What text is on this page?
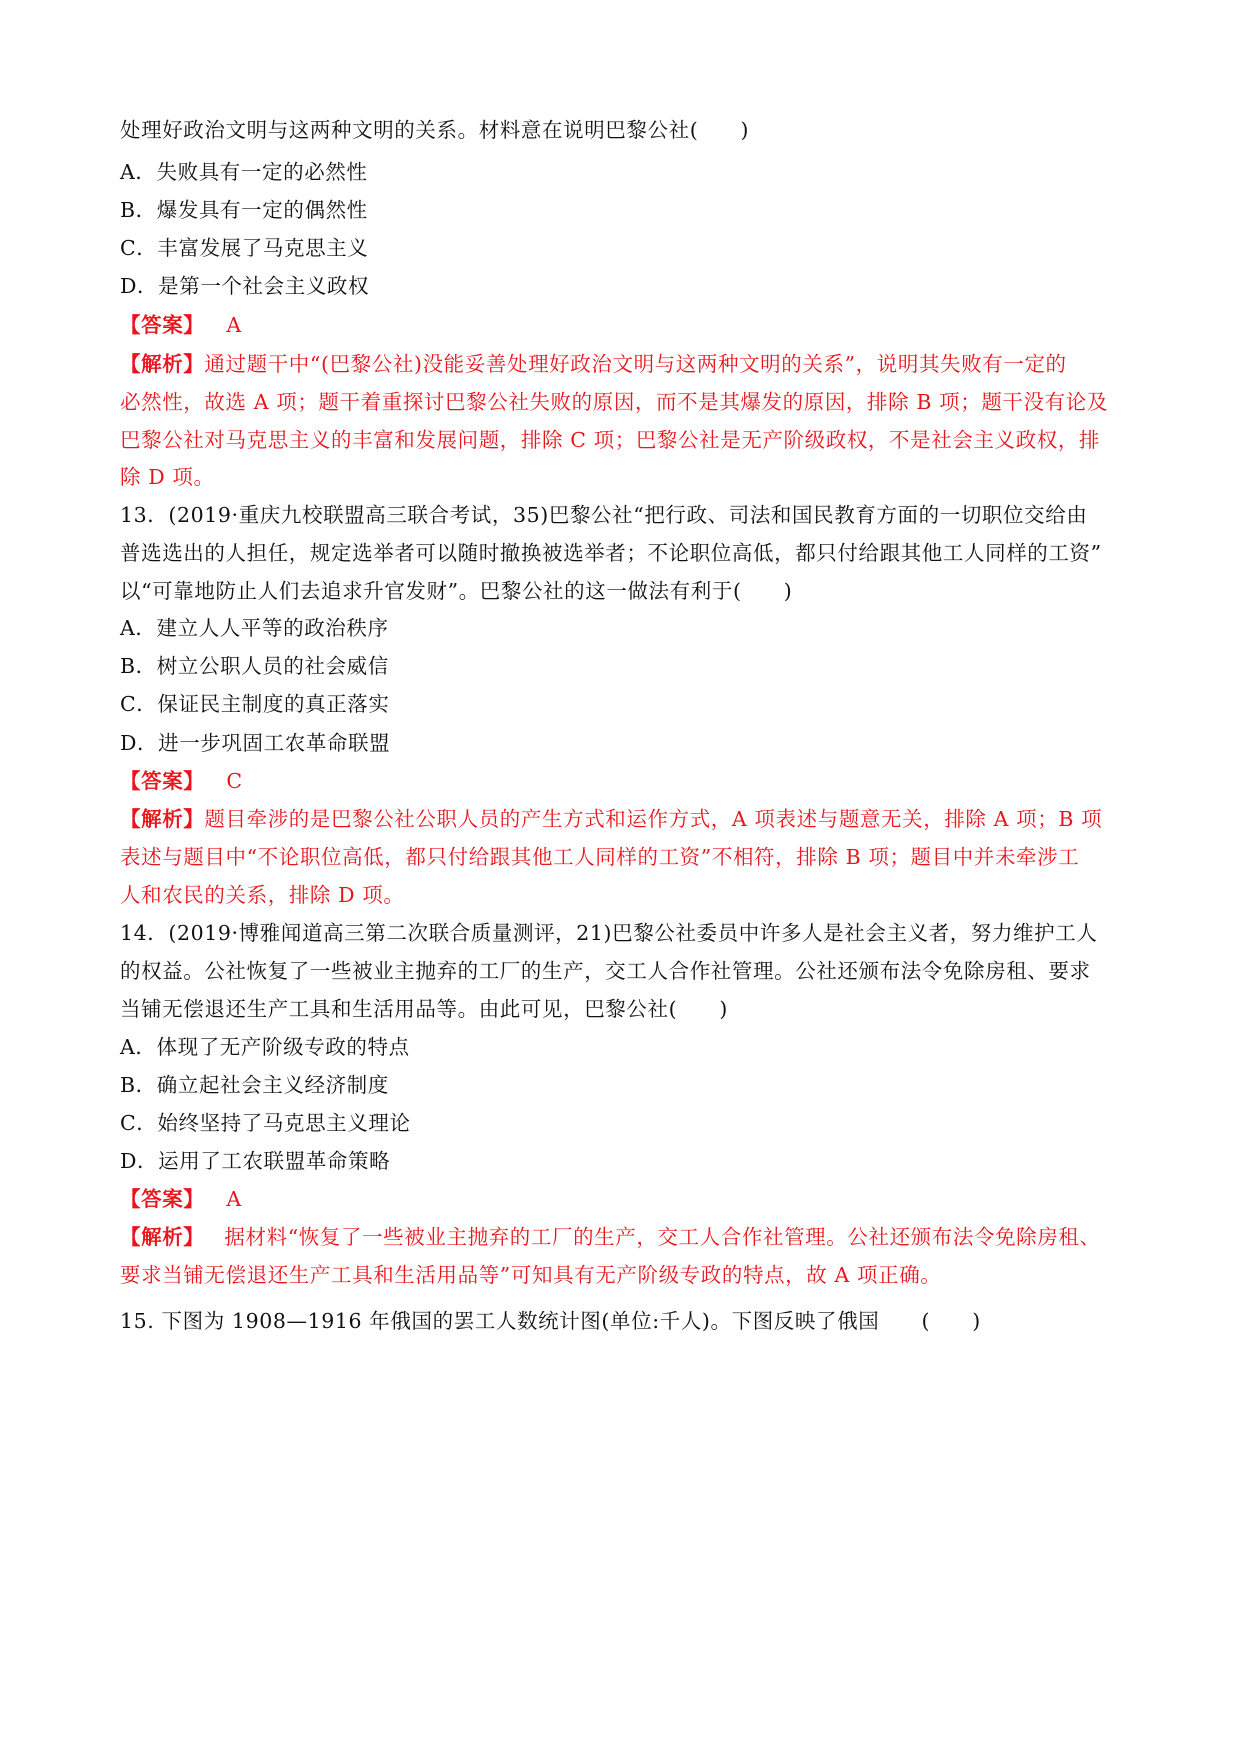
处理好政治文明与这两种文明的关系。材料意在说明巴黎公社(　　)
A．失败具有一定的必然性
B．爆发具有一定的偶然性
C．丰富发展了马克思主义
D．是第一个社会主义政权
【答案】 A
【解析】通过题干中“(巴黎公社)没能妥善处理好政治文明与这两种文明的关系”，说明其失败有一定的
必然性，故选 A 项；题干着重探讨巴黎公社失败的原因，而不是其爆发的原因，排除 B 项；题干没有论及
巴黎公社对马克思主义的丰富和发展问题，排除 C 项；巴黎公社是无产阶级政权，不是社会主义政权，排
除 D 项。
13．(2019·重庆九校联盟高三联合考试，35)巴黎公社“把行政、司法和国民教育方面的一切职位交给由
普选选出的人担任，规定选举者可以随时撤换被选举者；不论职位高低，都只付给跟其他工人同样的工资”
以“可靠地防止人们去追求升官发财”。巴黎公社的这一做法有利于(　　)
A．建立人人平等的政治秩序
B．树立公职人员的社会威信
C．保证民主制度的真正落实
D．进一步巩固工农革命联盟
【答案】 C
【解析】题目牵涉的是巴黎公社公职人员的产生方式和运作方式，A 项表述与题意无关，排除 A 项；B 项
表述与题目中“不论职位高低，都只付给跟其他工人同样的工资”不相符，排除 B 项；题目中并未牵涉工
人和农民的关系，排除 D 项。
14．(2019·博雅闻道高三第二次联合质量测评，21)巴黎公社委员中许多人是社会主义者，努力维护工人
的权益。公社恢复了一些被业主抛弃的工厂的生产，交工人合作社管理。公社还颁布法令免除房租、要求
当铺无偿退还生产工具和生活用品等。由此可见，巴黎公社(　　)
A．体现了无产阶级专政的特点
B．确立起社会主义经济制度
C．始终坚持了马克思主义理论
D．运用了工农联盟革命策略
【答案】 A
【解析】 据材料“恢复了一些被业主抛弃的工厂的生产，交工人合作社管理。公社还颁布法令免除房租、
要求当铺无偿退还生产工具和生活用品等”可知具有无产阶级专政的特点，故 A 项正确。
15. 下图为 1908—1916 年俄国的罢工人数统计图(单位:千人)。下图反映了俄国　　(　　)
